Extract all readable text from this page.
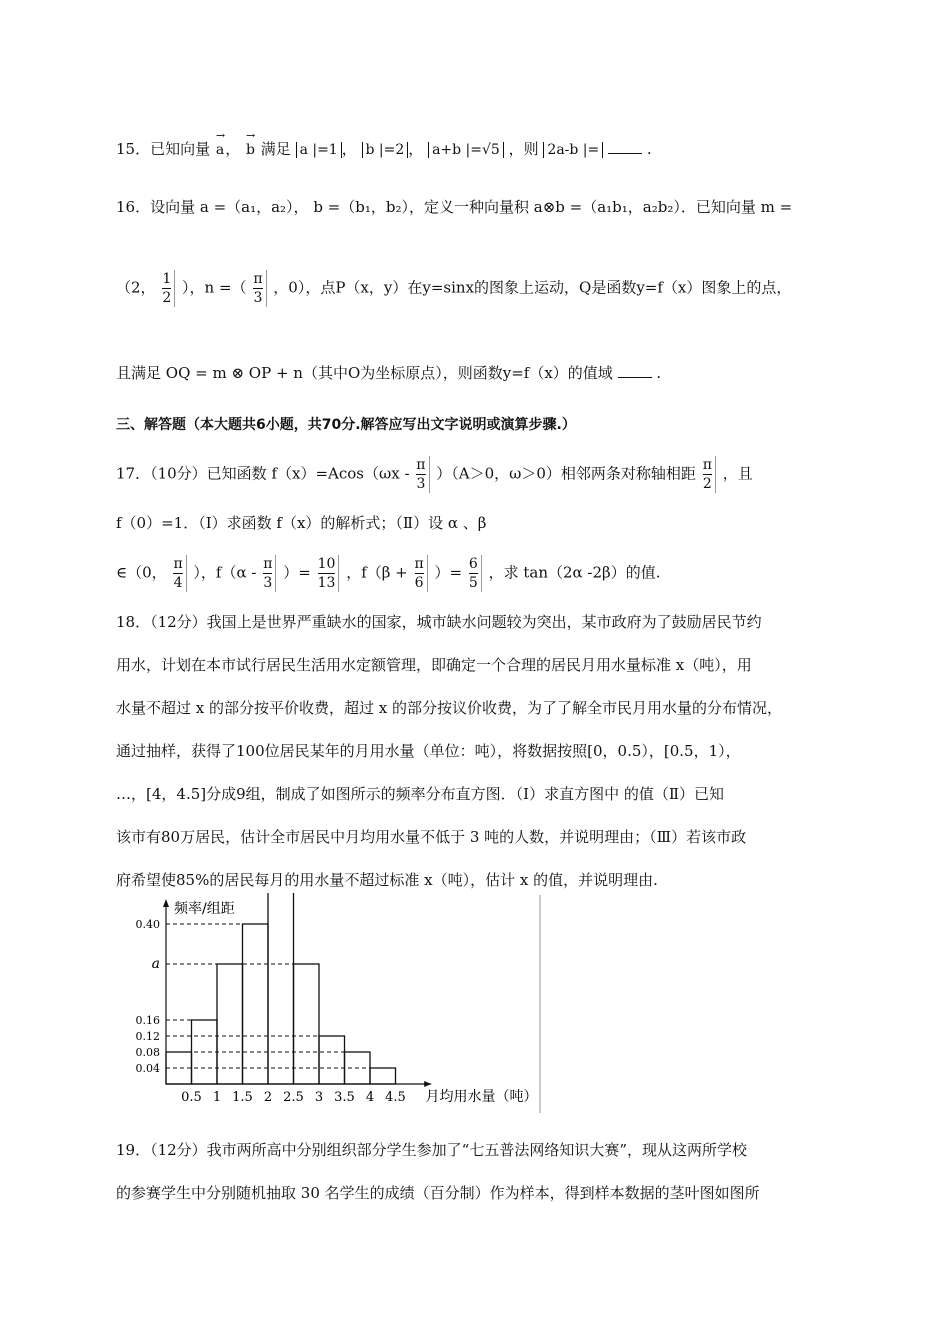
15．已知向量 → a， → b 满足 a |=1 ， b |=2 ， a+b |=√5 ，则 2a-b |=	.
16．设向量 a =（a₁，a₂）， b =（b₁，b₂），定义一种向量积 a⊗b =（a₁b₁，a₂b₂）．已知向量 m =
（2， $\frac{1}{2}$ ），n =（ $\frac{\pi}{3}$ ，0），点P（x，y）在y=sinx的图象上运动，Q是函数y=f（x）图象上的点，
且满足 OQ = m ⊗ OP + n（其中O为坐标原点），则函数y=f（x）的值域	.
三、解答题（本大题共6小题，共70分.解答应写出文字说明或演算步骤.）
17．（10分）已知函数 $f(x)=Acos(\omega x - \frac{\pi}{3} )(A>0$，ω＞0）相邻两条对称轴相距 $\frac{\pi}{2}$ ，且
f（0）=1．（Ⅰ）求函数 f（x）的解析式；（Ⅱ）设 α 、β
∈（0， $\frac{\pi}{4}$ ），$f(\alpha - \frac{\pi}{3}$ ）= $\frac{10}{13}$ ，$f(\beta + \frac{\pi}{6}$ ）= $\frac{6}{5}$ ，求 tan（2α -2β）的值.
18．（12分）我国上是世界严重缺水的国家，城市缺水问题较为突出，某市政府为了鼓励居民节约
用水，计划在本市试行居民生活用水定额管理，即确定一个合理的居民月用水量标准 x（吨），用
水量不超过 x 的部分按平价收费，超过 x 的部分按议价收费，为了了解全市民月用水量的分布情况，
通过抽样，获得了100位居民某年的月用水量（单位：吨），将数据按照[0，0.5），[0.5，1），
…，[4，4.5]分成9组，制成了如图所示的频率分布直方图．（Ⅰ）求直方图中 的值（Ⅱ）已知
该市有80万居民，估计全市居民中月均用水量不低于 3 吨的人数，并说明理由；（Ⅲ）若该市政
府希望使85%的居民每月的用水量不超过标准 x（吨），估计 x 的值，并说明理由.
0.04
0.08
0.12
0.16
a
0.40
0.5 1 1.5 2 2.5 3 3.5 4 4.5
频率/组距
月均用水量（吨）
19．（12分）我市两所高中分别组织部分学生参加了“七五普法网络知识大赛”，现从这两所学校
的参赛学生中分别随机抽取 30 名学生的成绩（百分制）作为样本，得到样本数据的茎叶图如图所
